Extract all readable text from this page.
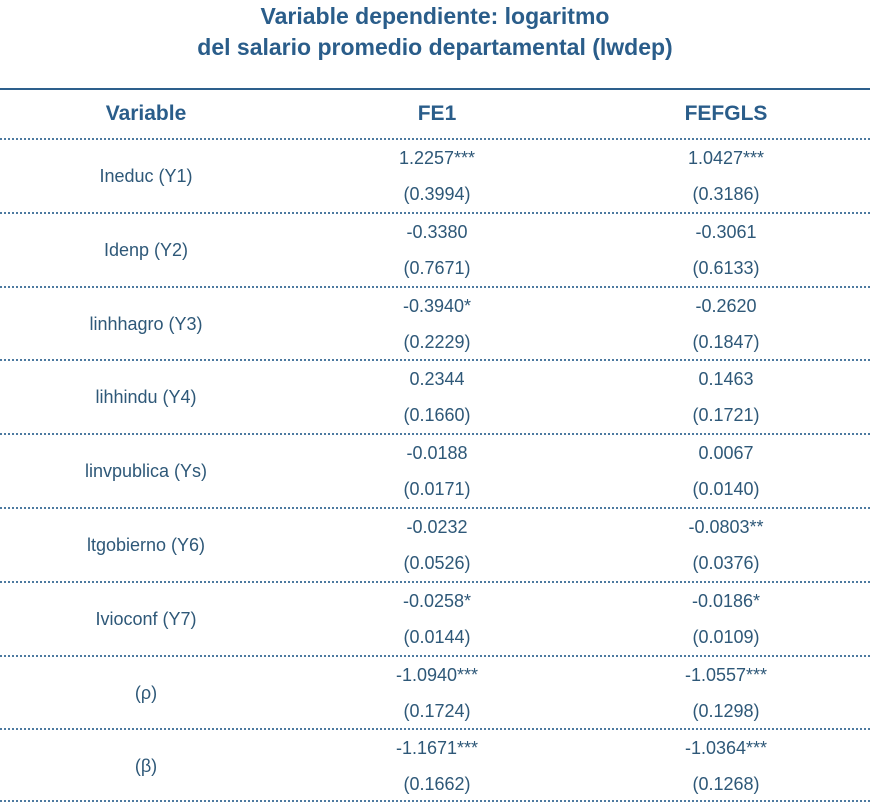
Variable dependiente: logaritmo
del salario promedio departamental (lwdep)
Variable	FE1	FEFGLS
Ineduc (Y1)
1.2257***
(0.3994)
1.0427***
(0.3186)
Idenp (Y2)
-0.3380
(0.7671)
-0.3061
(0.6133)
linhhagro (Y3)
-0.3940*
(0.2229)
-0.2620
(0.1847)
lihhindu (Y4)
0.2344
(0.1660)
0.1463
(0.1721)
linvpublica (Ys)
-0.0188
(0.0171)
0.0067
(0.0140)
ltgobierno (Y6)
-0.0232
(0.0526)
-0.0803**
(0.0376)
Ivioconf (Y7)
-0.0258*
(0.0144)
-0.0186*
(0.0109)
(ρ)
-1.0940***
(0.1724)
-1.0557***
(0.1298)
(β)
-1.1671***
(0.1662)
-1.0364***
(0.1268)
